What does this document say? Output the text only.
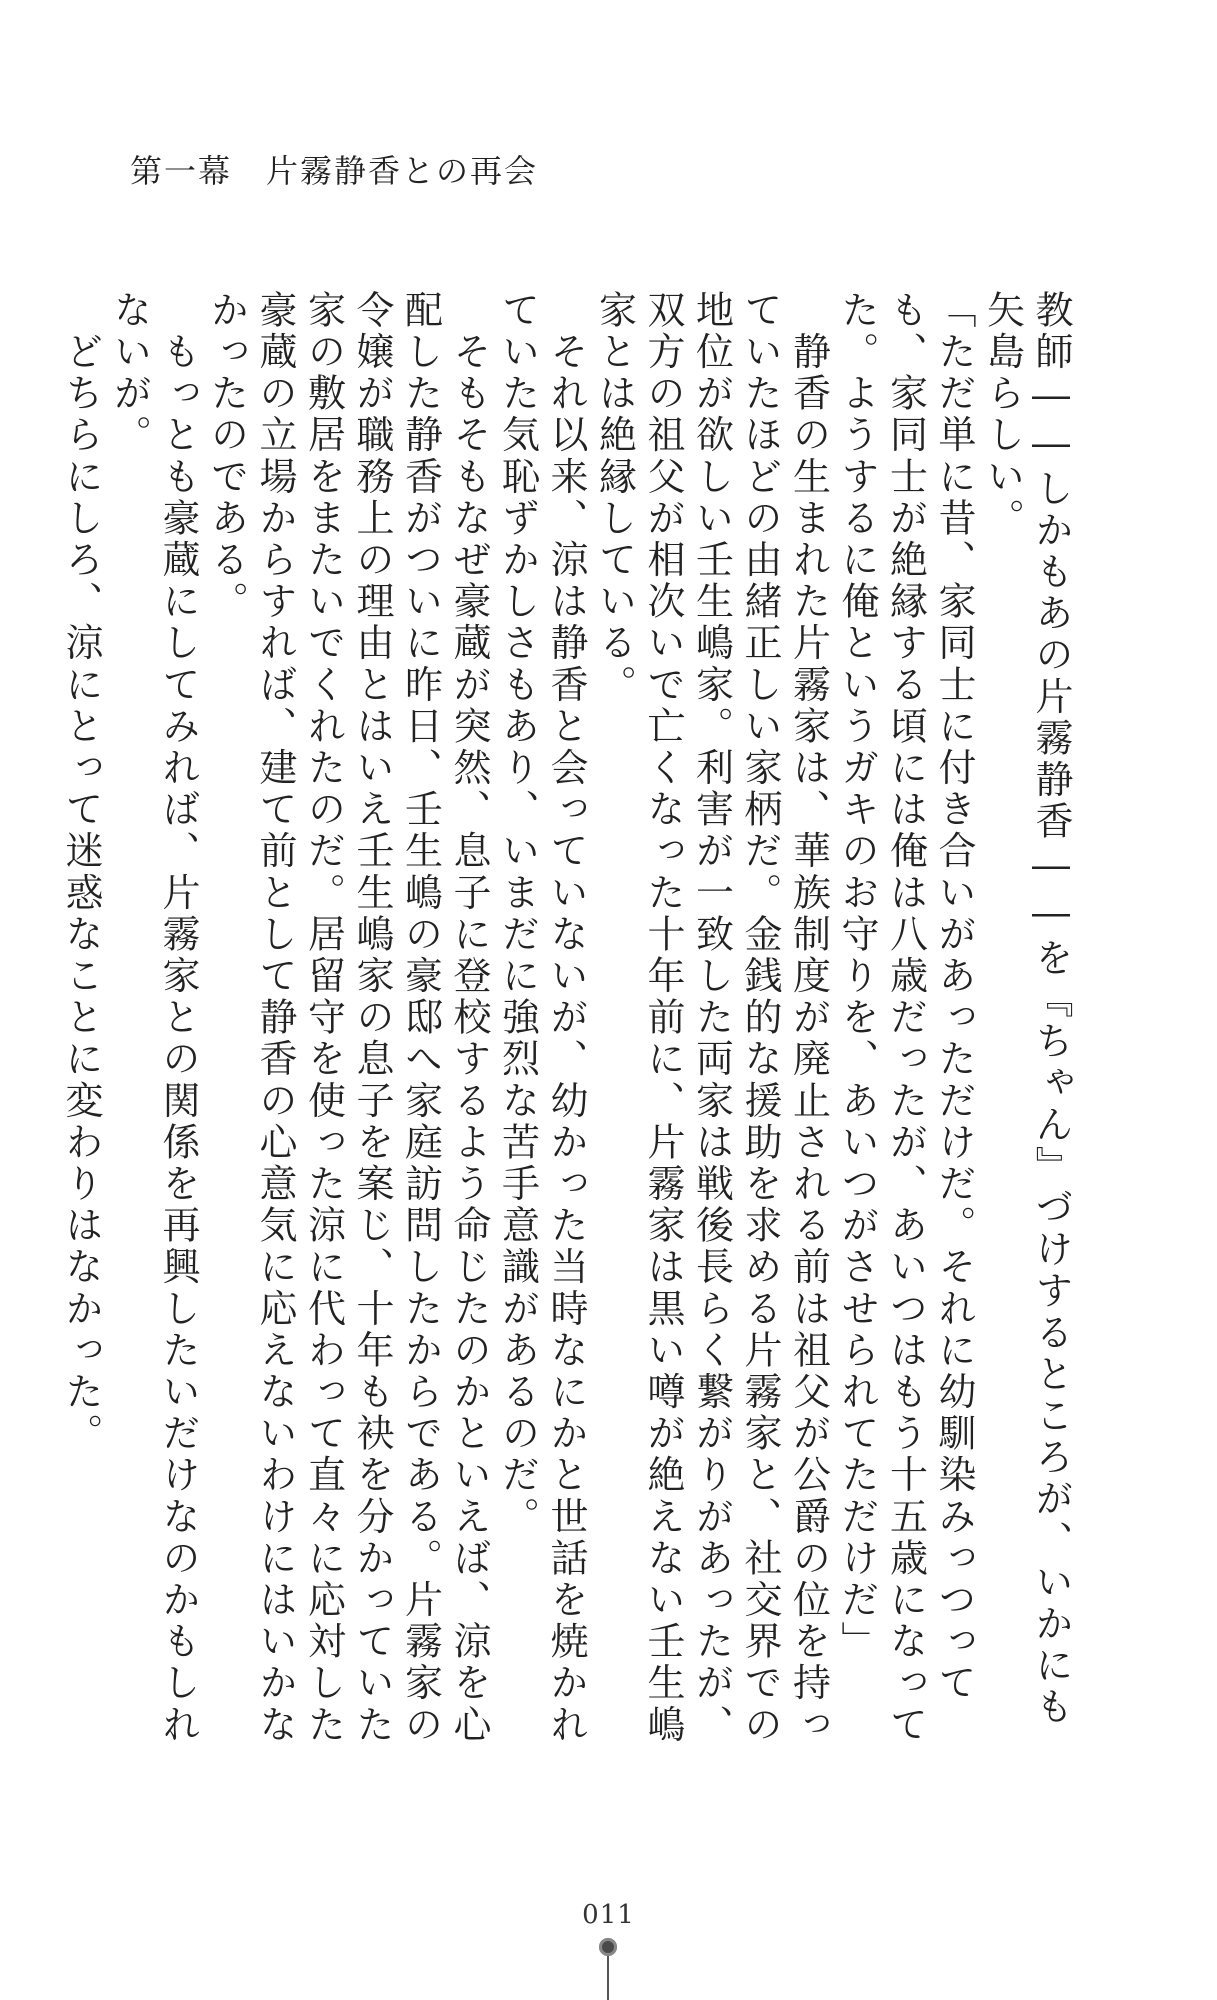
第一幕　片霧静香との再会

教師――しかもあの片霧静香――を『ちゃん』づけするところが、いかにも矢島らしい。

「ただ単に昔、家同士に付き合いがあっただけだ。それに幼馴染みっつっても、家同士が絶縁する頃には俺は八歳だったが、あいつはもう十五歳になってた。ようするに俺というガキのお守りを、あいつがさせられてただけだ」

　静香の生まれた片霧家は、華族制度が廃止される前は祖父が公爵の位を持っていたほどの由緒正しい家柄だ。金銭的な援助を求める片霧家と、社交界での地位が欲しい壬生嶋家。利害が一致した両家は戦後長らく繋がりがあったが、双方の祖父が相次いで亡くなった十年前に、片霧家は黒い噂が絶えない壬生嶋家とは絶縁している。

　それ以来、涼は静香と会っていないが、幼かった当時なにかと世話を焼かれていた気恥ずかしさもあり、いまだに強烈な苦手意識があるのだ。

　そもそもなぜ豪蔵が突然、息子に登校するよう命じたのかといえば、涼を心配した静香がついに昨日、壬生嶋の豪邸へ家庭訪問したからである。片霧家の令嬢が職務上の理由とはいえ壬生嶋家の息子を案じ、十年も袂を分かっていた家の敷居をまたいでくれたのだ。居留守を使った涼に代わって直々に応対した豪蔵の立場からすれば、建て前として静香の心意気に応えないわけにはいかなかったのである。

　もっとも豪蔵にしてみれば、片霧家との関係を再興したいだけなのかもしれないが。

　どちらにしろ、涼にとって迷惑なことに変わりはなかった。

011
